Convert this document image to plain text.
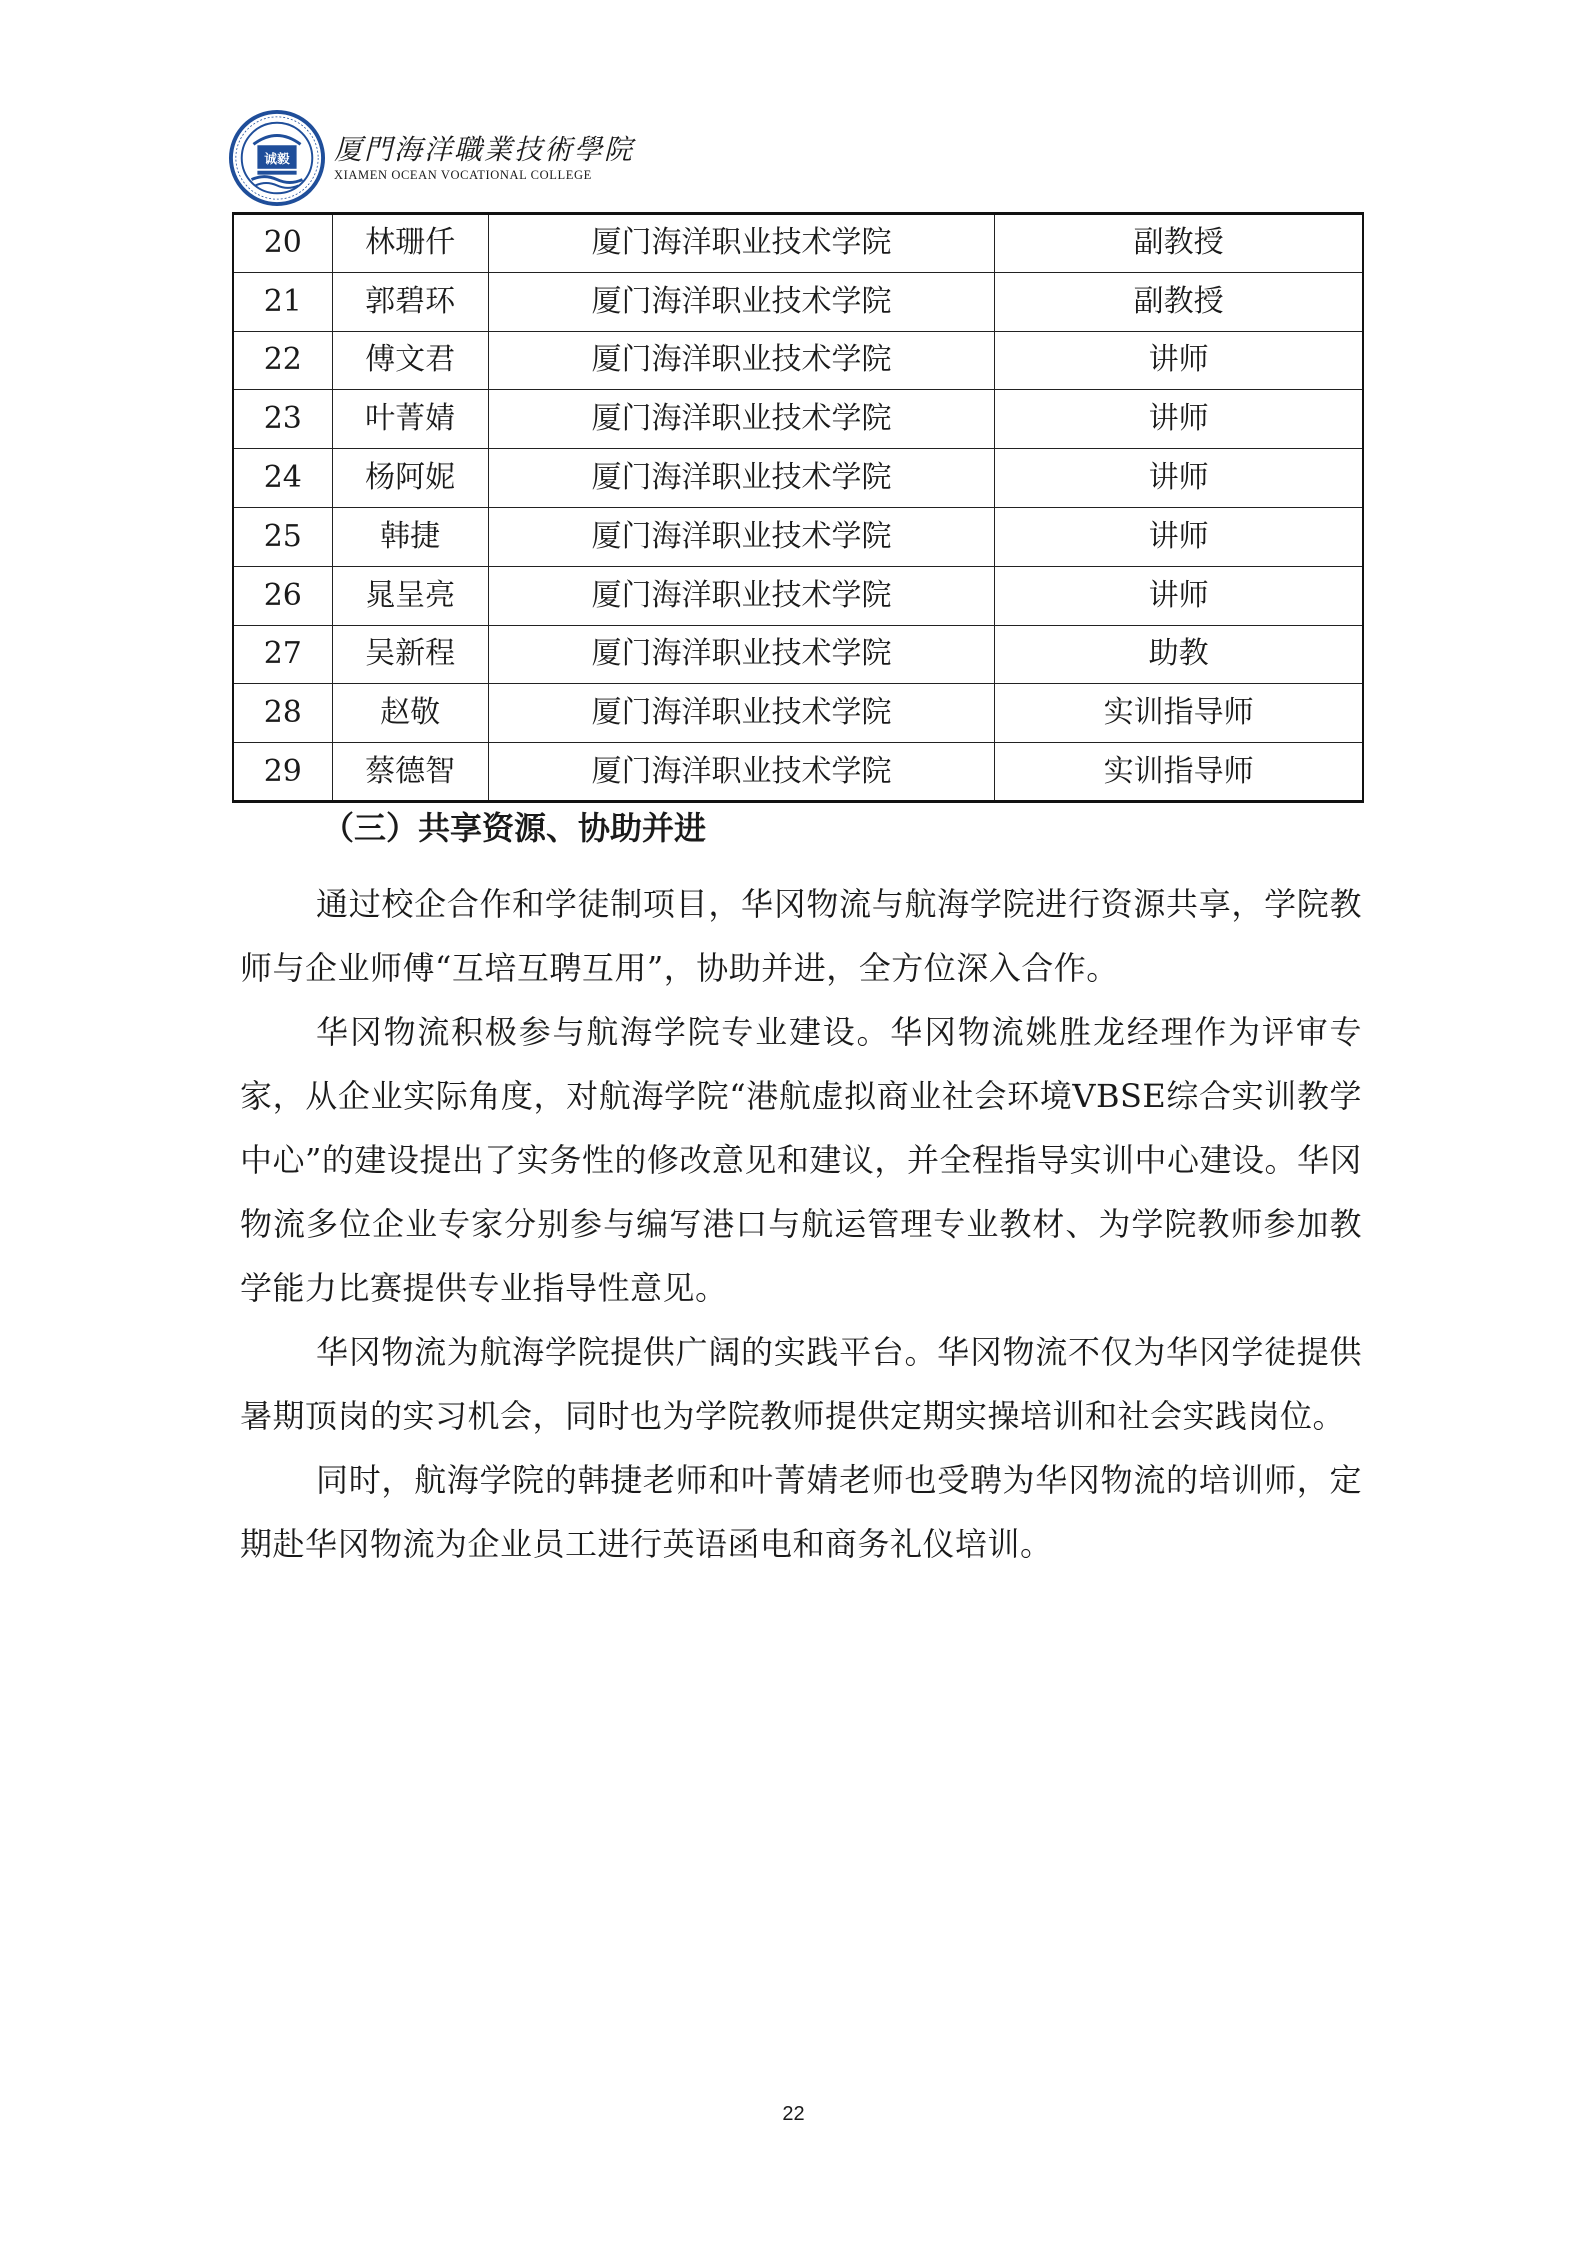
诚毅 厦門海洋職業技術學院
XIAMEN OCEAN VOCATIONAL COLLEGE
20	林珊仟	厦门海洋职业技术学院	副教授
21	郭碧环	厦门海洋职业技术学院	副教授
22	傅文君	厦门海洋职业技术学院	讲师
23	叶菁婧	厦门海洋职业技术学院	讲师
24	杨阿妮	厦门海洋职业技术学院	讲师
25	韩捷	厦门海洋职业技术学院	讲师
26	晁呈亮	厦门海洋职业技术学院	讲师
27	吴新程	厦门海洋职业技术学院	助教
28	赵敬	厦门海洋职业技术学院	实训指导师
29	蔡德智	厦门海洋职业技术学院	实训指导师
（三）共享资源、协助并进

通过校企合作和学徒制项目，华冈物流与航海学院进行资源共享，学院教师与企业师傅“互培互聘互用”，协助并进，全方位深入合作。

华冈物流积极参与航海学院专业建设。华冈物流姚胜龙经理作为评审专家，从企业实际角度，对航海学院“港航虚拟商业社会环境VBSE综合实训教学中心”的建设提出了实务性的修改意见和建议，并全程指导实训中心建设。华冈物流多位企业专家分别参与编写港口与航运管理专业教材、为学院教师参加教学能力比赛提供专业指导性意见。

华冈物流为航海学院提供广阔的实践平台。华冈物流不仅为华冈学徒提供暑期顶岗的实习机会，同时也为学院教师提供定期实操培训和社会实践岗位。

同时，航海学院的韩捷老师和叶菁婧老师也受聘为华冈物流的培训师，定期赴华冈物流为企业员工进行英语函电和商务礼仪培训。

22
